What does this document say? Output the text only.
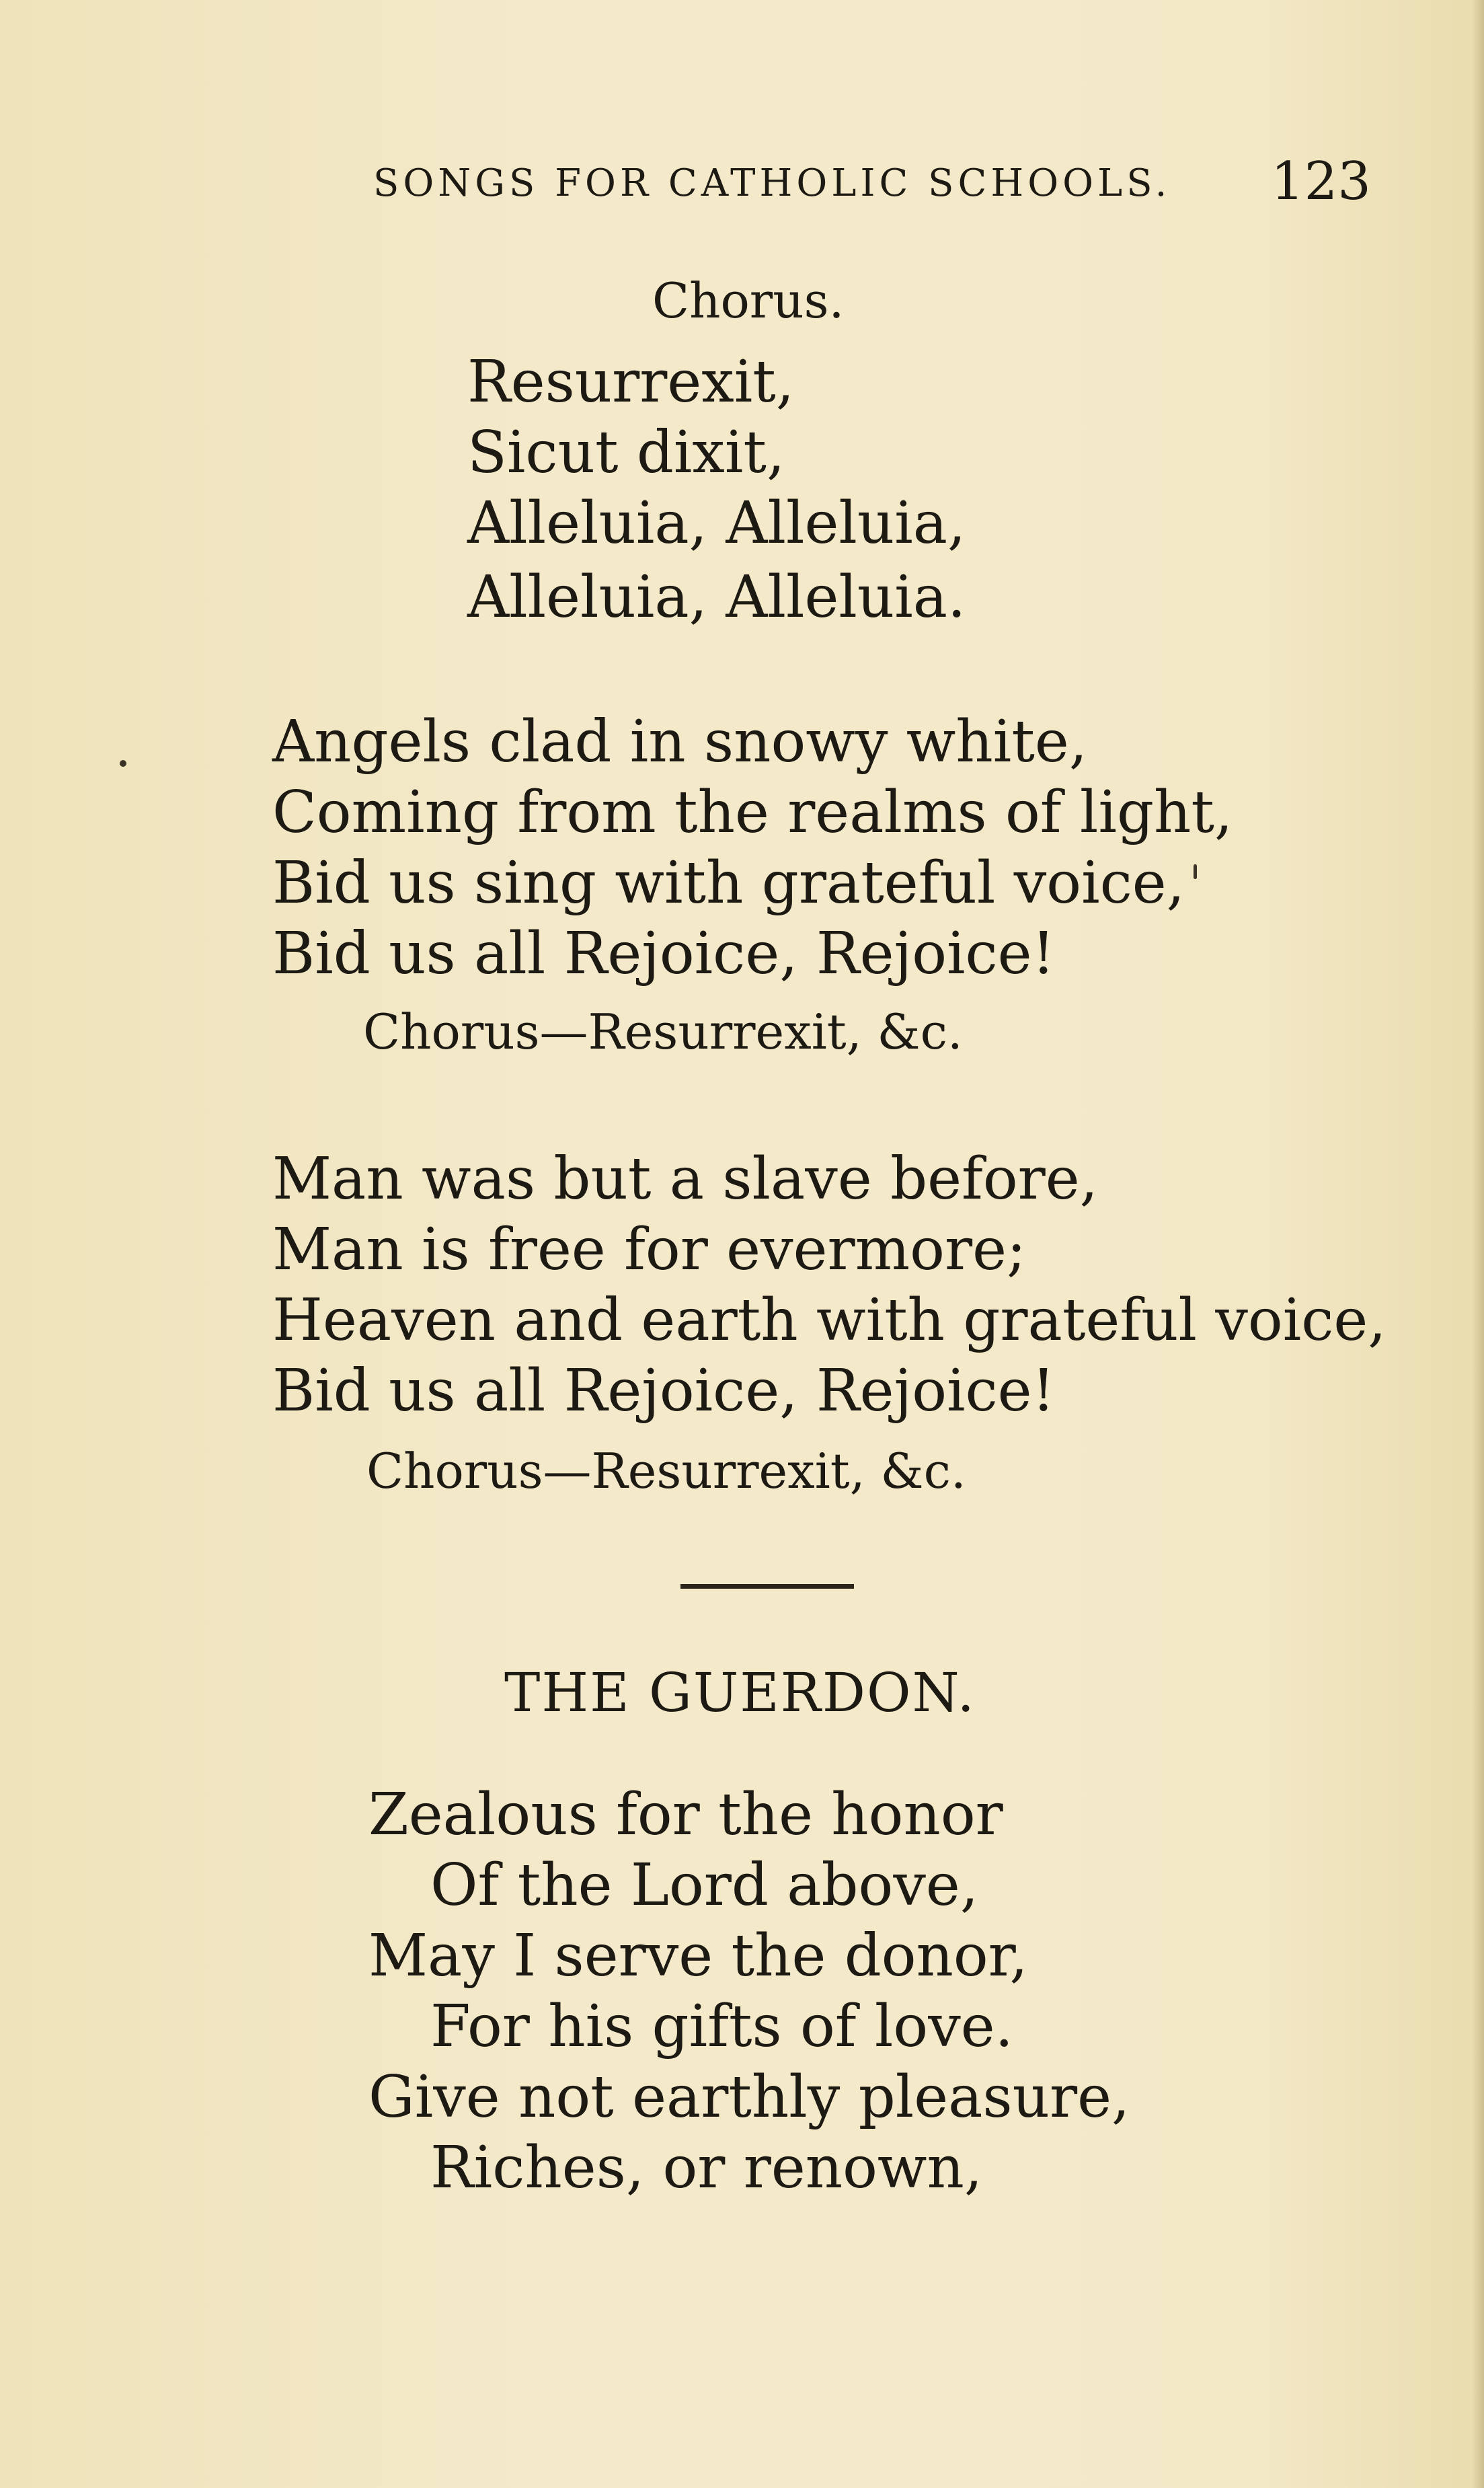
SONGS FOR CATHOLIC SCHOOLS. 123
Chorus.
Resurrexit,
Sicut dixit,
Alleluia, Alleluia,
Alleluia, Alleluia.
Angels clad in snowy white,
Coming from the realms of light,
Bid us sing with grateful voice,
Bid us all Rejoice, Rejoice!
Chorus—Resurrexit, &c.
Man was but a slave before,
Man is free for evermore;
Heaven and earth with grateful voice,
Bid us all Rejoice, Rejoice!
Chorus—Resurrexit, &c.
THE GUERDON.
Zealous for the honor
Of the Lord above,
May I serve the donor,
For his gifts of love.
Give not earthly pleasure,
Riches, or renown,
